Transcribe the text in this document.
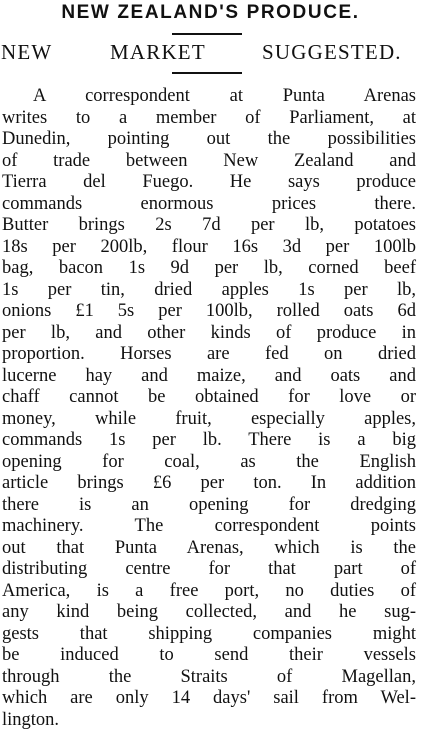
NEW ZEALAND'S PRODUCE.
NEW	MARKET	SUGGESTED.
A correspondent at Punta Arenas
writes to a member of Parliament, at
Dunedin, pointing out the possibilities
of trade between New Zealand and
Tierra del Fuego. He says produce
commands enormous prices there.
Butter brings 2s 7d per lb, potatoes
18s per 200lb, flour 16s 3d per 100lb
bag, bacon 1s 9d per lb, corned beef
1s per tin, dried apples 1s per lb,
onions £1 5s per 100lb, rolled oats 6d
per lb, and other kinds of produce in
proportion. Horses are fed on dried
lucerne hay and maize, and oats and
chaff cannot be obtained for love or
money, while fruit, especially apples,
commands 1s per lb. There is a big
opening for coal, as the English
article brings £6 per ton. In addition
there is an opening for dredging
machinery. The correspondent points
out that Punta Arenas, which is the
distributing centre for that part of
America, is a free port, no duties of
any kind being collected, and he sug-
gests that shipping companies might
be induced to send their vessels
through the Straits of Magellan,
which are only 14 days' sail from Wel-
lington.
